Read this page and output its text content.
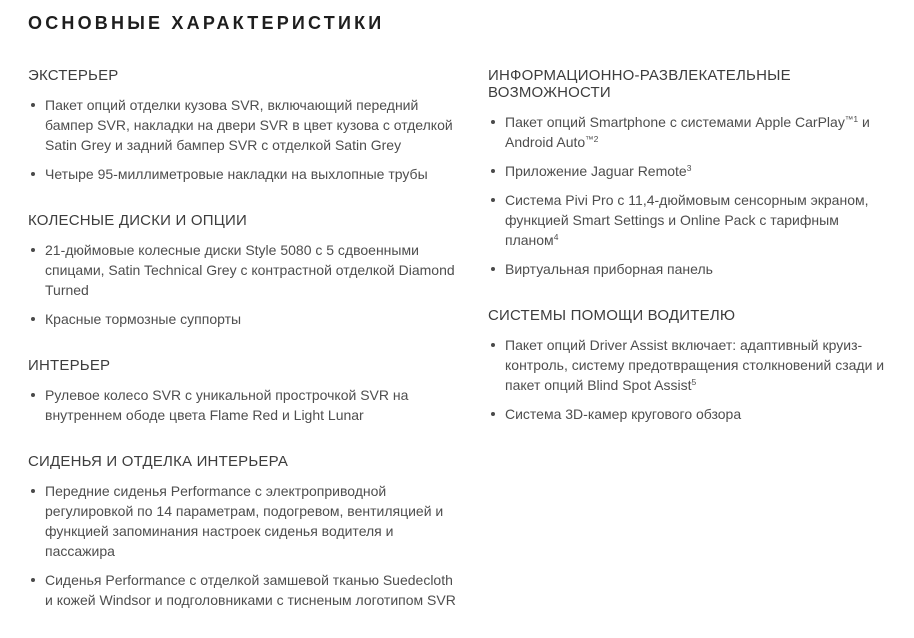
ОСНОВНЫЕ ХАРАКТЕРИСТИКИ
ЭКСТЕРЬЕР
Пакет опций отделки кузова SVR, включающий передний бампер SVR, накладки на двери SVR в цвет кузова с отделкой Satin Grey и задний бампер SVR с отделкой Satin Grey
Четыре 95-миллиметровые накладки на выхлопные трубы
КОЛЕСНЫЕ ДИСКИ И ОПЦИИ
21-дюймовые колесные диски Style 5080 с 5 сдвоенными спицами, Satin Technical Grey с контрастной отделкой Diamond Turned
Красные тормозные суппорты
ИНТЕРЬЕР
Рулевое колесо SVR с уникальной прострочкой SVR на внутреннем ободе цвета Flame Red и Light Lunar
СИДЕНЬЯ И ОТДЕЛКА ИНТЕРЬЕРА
Передние сиденья Performance с электроприводной регулировкой по 14 параметрам, подогревом, вентиляцией и функцией запоминания настроек сиденья водителя и пассажира
Сиденья Performance с отделкой замшевой тканью Suedecloth и кожей Windsor и подголовниками с тисненым логотипом SVR
ИНФОРМАЦИОННО-РАЗВЛЕКАТЕЛЬНЫЕ ВОЗМОЖНОСТИ
Пакет опций Smartphone с системами Apple CarPlay$^{™1}$ и Android Auto$^{™2}$
Приложение Jaguar Remote$^3$
Система Pivi Pro с 11,4-дюймовым сенсорным экраном, функцией Smart Settings и Online Pack с тарифным планом$^4$
Виртуальная приборная панель
СИСТЕМЫ ПОМОЩИ ВОДИТЕЛЮ
Пакет опций Driver Assist включает: адаптивный круиз-контроль, систему предотвращения столкновений сзади и пакет опций Blind Spot Assist$^5$
Система 3D-камер кругового обзора
